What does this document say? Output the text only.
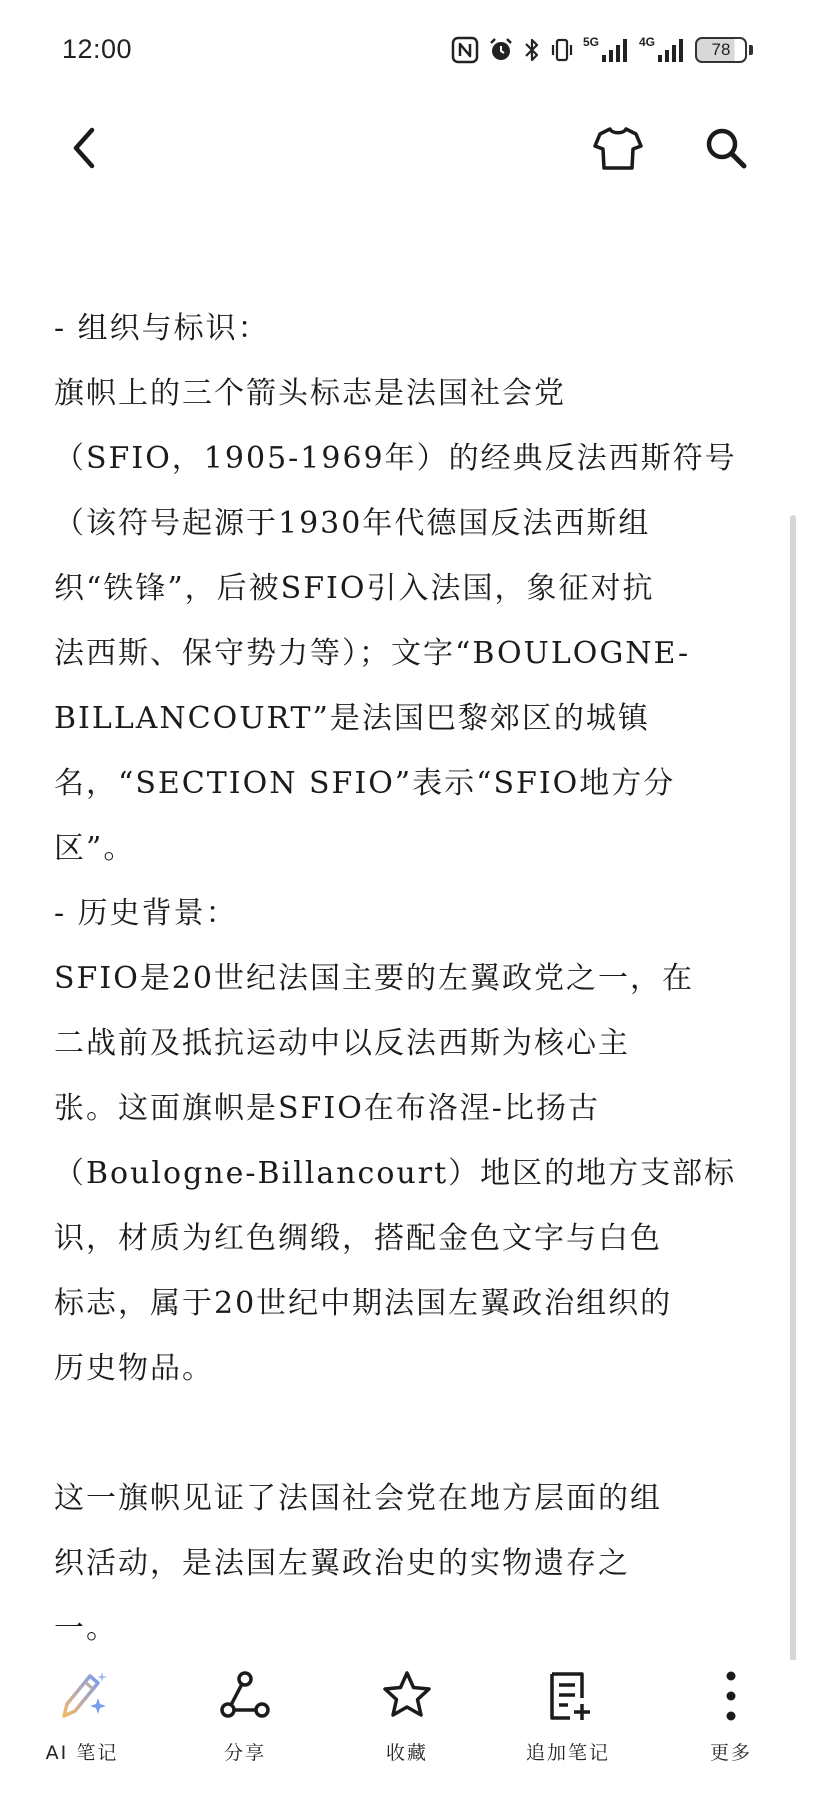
12:00	5G	4G	78

- 组织与标识：

旗帜上的三个箭头标志是法国社会党

（SFIO，1905-1969年）的经典反法西斯符号

（该符号起源于1930年代德国反法西斯组

织“铁锋”，后被SFIO引入法国，象征对抗

法西斯、保守势力等）；文字“BOULOGNE-

BILLANCOURT”是法国巴黎郊区的城镇

名，“SECTION SFIO”表示“SFIO地方分

区”。

- 历史背景：

SFIO是20世纪法国主要的左翼政党之一，在

二战前及抵抗运动中以反法西斯为核心主

张。这面旗帜是SFIO在布洛涅-比扬古

（Boulogne-Billancourt）地区的地方支部标

识，材质为红色绸缎，搭配金色文字与白色

标志，属于20世纪中期法国左翼政治组织的

历史物品。

这一旗帜见证了法国社会党在地方层面的组

织活动，是法国左翼政治史的实物遗存之

一。

AI 笔记	分享	收藏	追加笔记	更多
